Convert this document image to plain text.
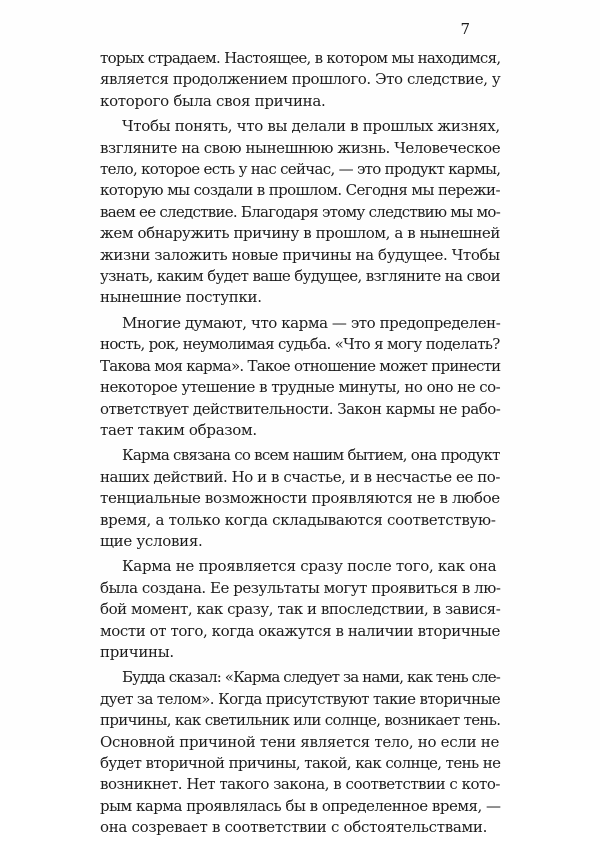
7
торых страдаем. Настоящее, в котором мы находимся,
является продолжением прошлого. Это следствие, у
которого была своя причина.
Чтобы понять, что вы делали в прошлых жизнях,
взгляните на свою нынешнюю жизнь. Человеческое
тело, которое есть у нас сейчас, — это продукт кармы,
которую мы создали в прошлом. Сегодня мы пережи-
ваем ее следствие. Благодаря этому следствию мы мо-
жем обнаружить причину в прошлом, а в нынешней
жизни заложить новые причины на будущее. Чтобы
узнать, каким будет ваше будущее, взгляните на свои
нынешние поступки.
Многие думают, что карма — это предопределен-
ность, рок, неумолимая судьба. «Что я могу поделать?
Такова моя карма». Такое отношение может принести
некоторое утешение в трудные минуты, но оно не со-
ответствует действительности. Закон кармы не рабо-
тает таким образом.
Карма связана со всем нашим бытием, она продукт
наших действий. Но и в счастье, и в несчастье ее по-
тенциальные возможности проявляются не в любое
время, а только когда складываются соответствую-
щие условия.
Карма не проявляется сразу после того, как она
была создана. Ее результаты могут проявиться в лю-
бой момент, как сразу, так и впоследствии, в завися-
мости от того, когда окажутся в наличии вторичные
причины.
Будда сказал: «Карма следует за нами, как тень сле-
дует за телом». Когда присутствуют такие вторичные
причины, как светильник или солнце, возникает тень.
Основной причиной тени является тело, но если не
будет вторичной причины, такой, как солнце, тень не
возникнет. Нет такого закона, в соответствии с кото-
рым карма проявлялась бы в определенное время, —
она созревает в соответствии с обстоятельствами.
